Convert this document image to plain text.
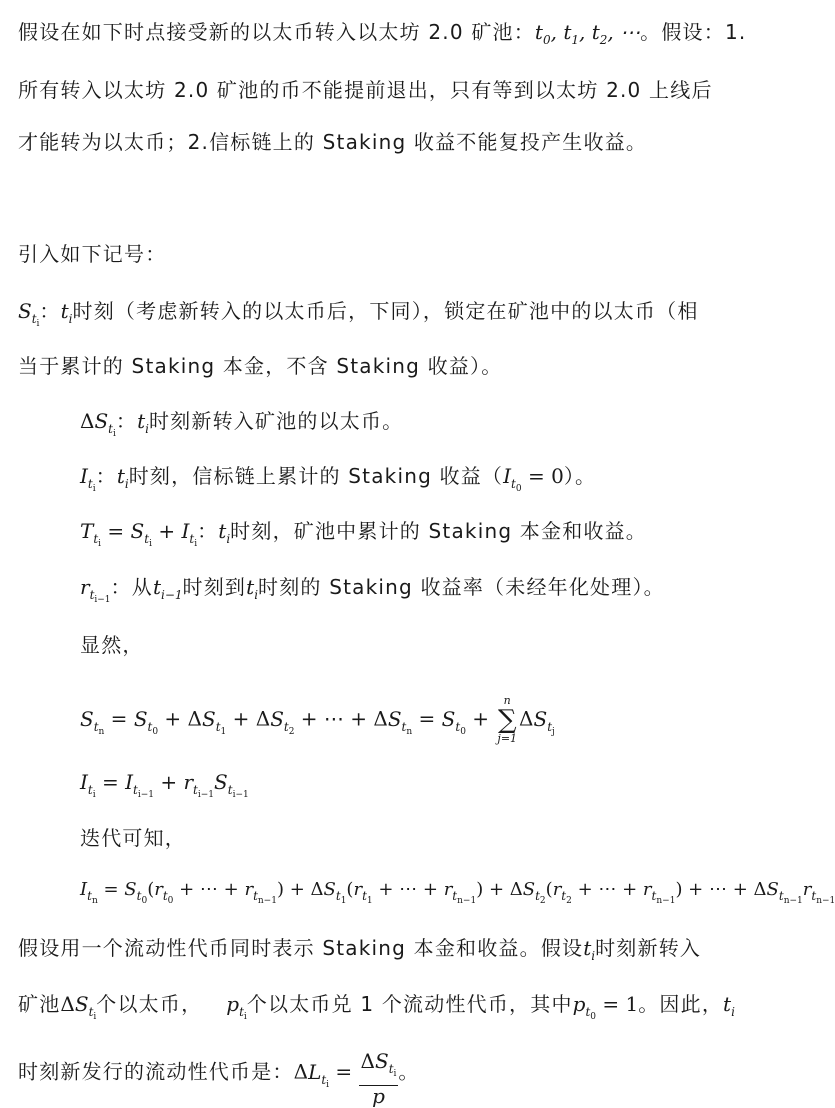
假设在如下时点接受新的以太币转入以太坊 2.0 矿池：$t_0$, $t_1$, $t_2$, ⋯。假设：1.
所有转入以太坊 2.0 矿池的币不能提前退出，只有等到以太坊 2.0 上线后
才能转为以太币；2.信标链上的 Staking 收益不能复投产生收益。
引入如下记号：
$S_{t_i}$：$t_i$时刻（考虑新转入的以太币后，下同），锁定在矿池中的以太币（相
当于累计的 Staking 本金，不含 Staking 收益）。
$\Delta S_{t_i}$：$t_i$时刻新转入矿池的以太币。
$I_{t_i}$：$t_i$时刻，信标链上累计的 Staking 收益$(I_{t_0} = 0)$。
$T_{t_i} = S_{t_i} + I_{t_i}$：$t_i$时刻，矿池中累计的 Staking 本金和收益。
$r_{t_{i-1}}$：从$t_{i-1}$时刻到$t_i$时刻的 Staking 收益率（未经年化处理）。
显然，
$S_{t_n} = S_{t_0} + \Delta S_{t_1} + \Delta S_{t_2}$ + ⋯ + $\Delta S_{t_n} = S_{t_0}$ +
n
∑
j=1
$\Delta S_{t_j}$
$I_{t_i} = I_{t_{i-1}} + r_{t_{i-1}}S_{t_{i-1}}$
迭代可知，
$I_{t_n} = S_{t_0}(r_{t_0}$ + ⋯ + $r_{t_{n-1}}) + \Delta S_{t_1}(r_{t_1}$ + ⋯ + $r_{t_{n-1}}) + \Delta S_{t_2}(r_{t_2}$ + ⋯ + $r_{t_{n-1}}$) + ⋯ + $\Delta S_{t_{n-1}}r_{t_{n-1}}$
假设用一个流动性代币同时表示 Staking 本金和收益。假设$t_i$时刻新转入
矿池$\Delta S_{t_i}$个以太币， $p_{t_i}$个以太币兑 1 个流动性代币，其中$p_{t_0} = 1$。因此，$t_i$
时刻新发行的流动性代币是：$\Delta L_{t_i} = \frac{\Delta S_{t_i}}{p}$ 。
